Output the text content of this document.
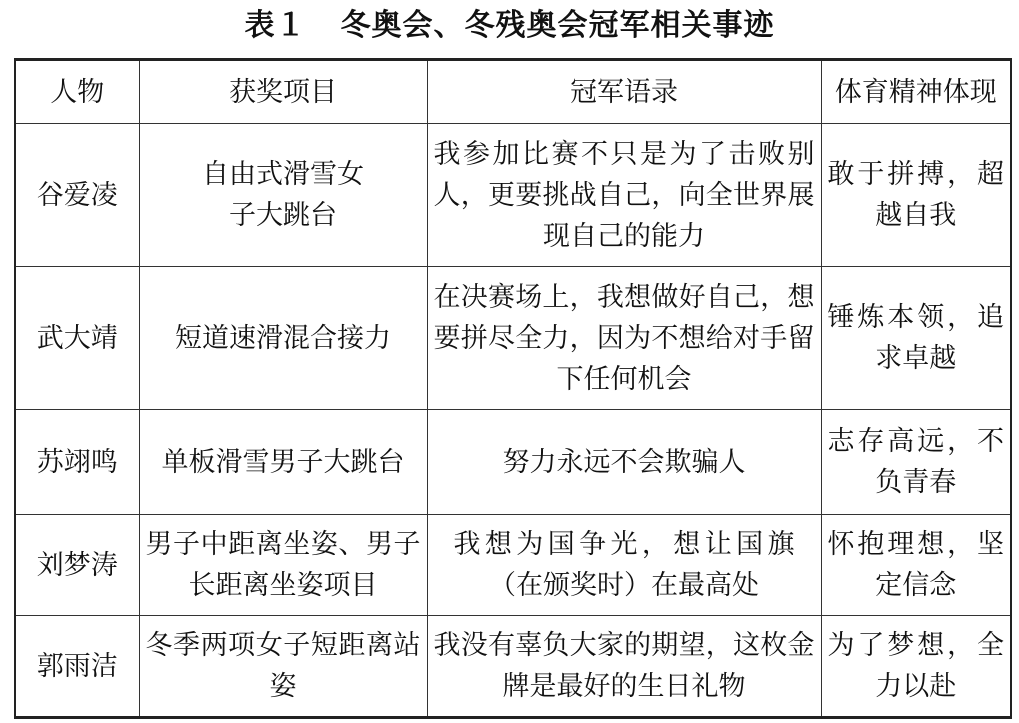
表１ 冬奥会、冬残奥会冠军相关事迹
人物	获奖项目	冠军语录	体育精神体现
谷爱凌	自由式滑雪女子大跳台	我参加比赛不只是为了击败别人，更要挑战自己，向全世界展现自己的能力	敢于拼搏，超越自我
武大靖	短道速滑混合接力	在决赛场上，我想做好自己，想要拼尽全力，因为不想给对手留下任何机会	锤炼本领，追求卓越
苏翊鸣	单板滑雪男子大跳台	努力永远不会欺骗人	志存高远，不负青春
刘梦涛	男子中距离坐姿、男子长距离坐姿项目	我想为国争光，想让国旗（在颁奖时）在最高处	怀抱理想，坚定信念
郭雨洁	冬季两项女子短距离站姿	我没有辜负大家的期望，这枚金牌是最好的生日礼物	为了梦想，全力以赴
